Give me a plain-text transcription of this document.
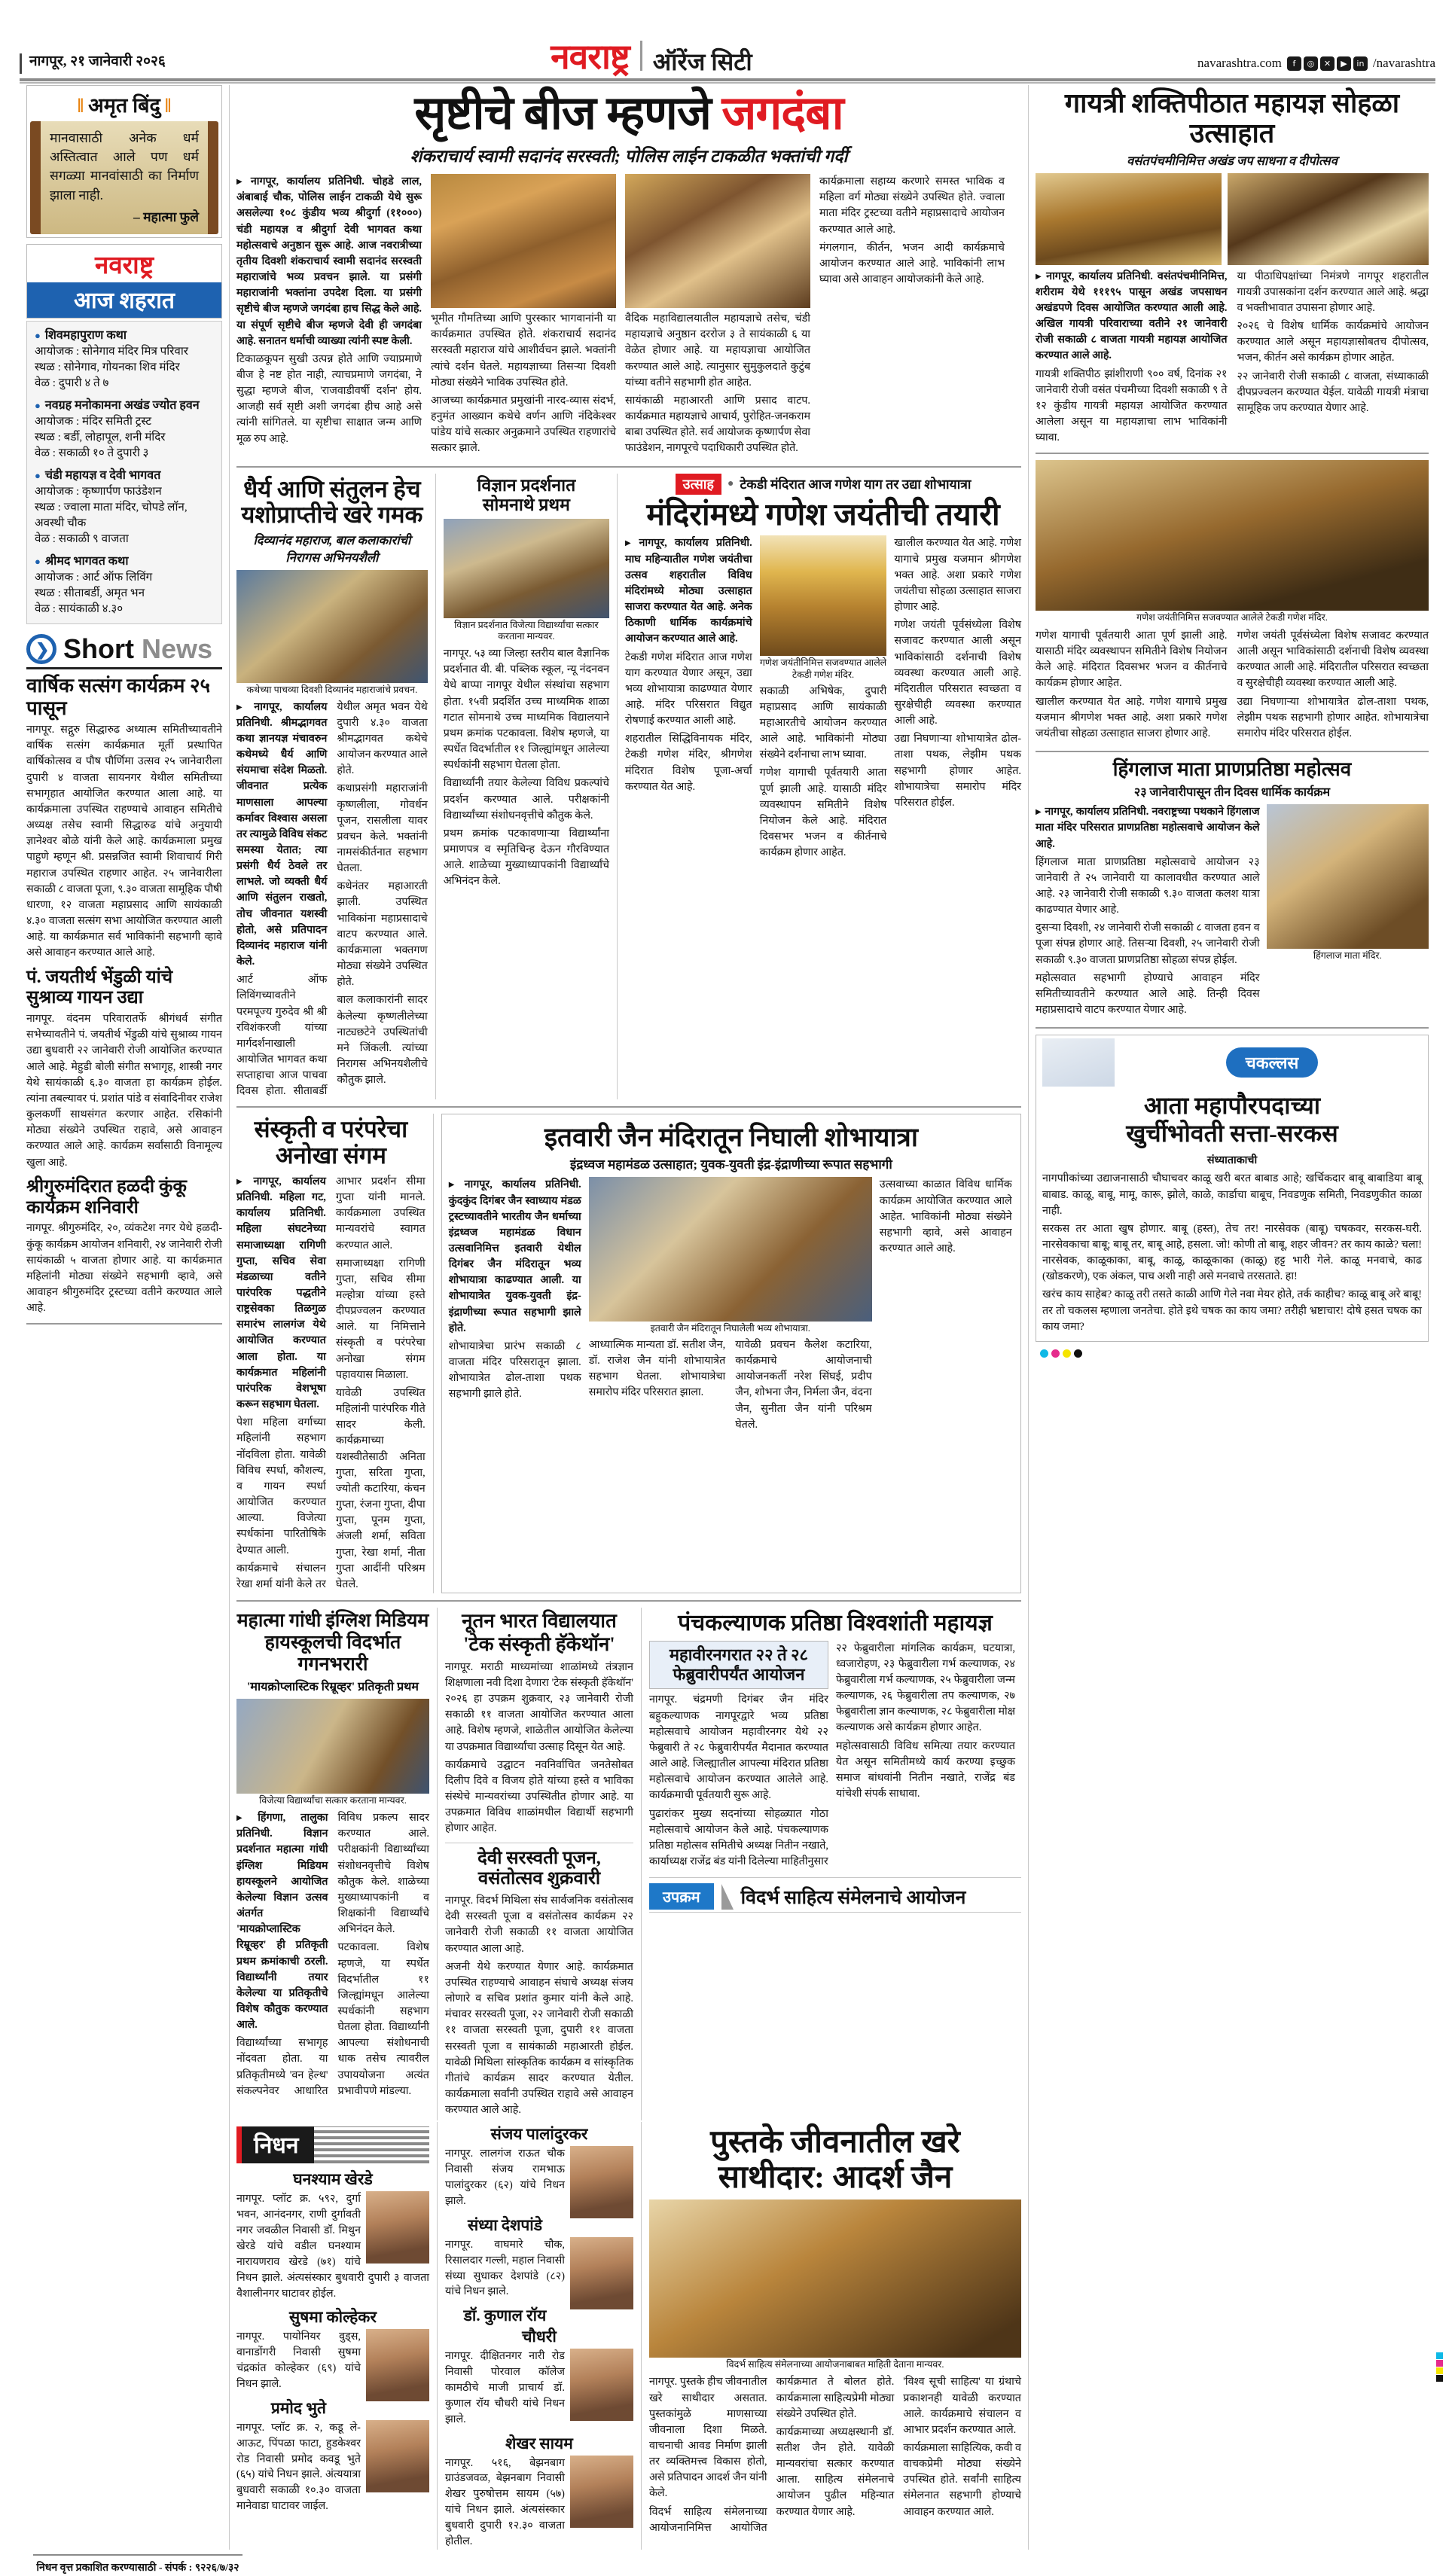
नागपूर, २१ जानेवारी २०२६	नवराष्ट्र ऑरेंज सिटी	navarashtra.com	f	◎	✕	▶	in /navarashtra
‖ अमृत बिंदु ‖
मानवासाठी अनेक धर्म अस्तित्वात आले पण धर्म सगळ्या मानवांसाठी का निर्माण झाला नाही.
– महात्मा फुले
नवराष्ट्र
आज शहरात
● शिवमहापुराण कथा
आयोजक : सोनेगाव मंदिर मित्र परिवार
स्थळ : सोनेगाव, गोयनका शिव मंदिर
वेळ : दुपारी ४ ते ७
● नवग्रह मनोकामना अखंड ज्योत हवन
आयोजक : मंदिर समिती ट्रस्ट
स्थळ : बर्डी, लोहापूल, शनी मंदिर
वेळ : सकाळी १० ते दुपारी ३
● चंडी महायज्ञ व देवी भागवत
आयोजक : कृष्णार्पण फाउंडेशन
स्थळ : ज्वाला माता मंदिर, चोपडे लॉन, अवस्थी चौक
वेळ : सकाळी ९ वाजता
● श्रीमद भागवत कथा
आयोजक : आर्ट ऑफ लिविंग
स्थळ : सीताबर्डी, अमृत भन
वेळ : सायंकाळी ४.३०
❯
Short News
वार्षिक सत्संग कार्यक्रम २५ पासून
नागपूर. सद्गुरु सिद्धारुढ अध्यात्म समितीच्यावतीने वार्षिक सत्संग कार्यक्रमात मूर्ती प्रस्थापित वार्षिकोत्सव व पौष पौर्णिमा उत्सव २५ जानेवारीला दुपारी ४ वाजता सायनगर येथील समितीच्या सभागृहात आयोजित करण्यात आला आहे. या कार्यक्रमाला उपस्थित राहण्याचे आवाहन समितीचे अध्यक्ष तसेच स्वामी सिद्धारुढ यांचे अनुयायी ज्ञानेश्वर बोळे यांनी केले आहे. कार्यक्रमाला प्रमुख पाहुणे म्हणून श्री. प्रसन्नजित स्वामी शिवाचार्य गिरी महाराज उपस्थित राहणार आहेत. २५ जानेवारीला सकाळी ८ वाजता पूजा, ९.३० वाजता सामूहिक पौषी धारणा, १२ वाजता महाप्रसाद आणि सायंकाळी ४.३० वाजता सत्संग सभा आयोजित करण्यात आली आहे. या कार्यक्रमात सर्व भाविकांनी सहभागी व्हावे असे आवाहन करण्यात आले आहे.
पं. जयतीर्थ भेंडुळी यांचे सुश्राव्य गायन उद्या
नागपूर. वंदनम परिवारातर्फे श्रीगंधर्व संगीत सभेच्यावतीने पं. जयतीर्थ भेंडुळी यांचे सुश्राव्य गायन उद्या बुधवारी २२ जानेवारी रोजी आयोजित करण्यात आले आहे. मेहुडी बोली संगीत सभागृह, शास्त्री नगर येथे सायंकाळी ६.३० वाजता हा कार्यक्रम होईल. त्यांना तबल्यावर पं. प्रशांत पांडे व संवादिनीवर राजेश कुलकर्णी साथसंगत करणार आहेत. रसिकांनी मोठ्या संख्येने उपस्थित राहावे, असे आवाहन करण्यात आले आहे. कार्यक्रम सर्वांसाठी विनामूल्य खुला आहे.
श्रीगुरुमंदिरात हळदी कुंकू कार्यक्रम शनिवारी
नागपूर. श्रीगुरुमंदिर, २०, व्यंकटेश नगर येथे हळदी-कुंकू कार्यक्रम आयोजन शनिवारी, २४ जानेवारी रोजी सायंकाळी ५ वाजता होणार आहे. या कार्यक्रमात महिलांनी मोठ्या संख्येने सहभागी व्हावे, असे आवाहन श्रीगुरुमंदिर ट्रस्टच्या वतीने करण्यात आले आहे.
सृष्टीचे बीज म्हणजे जगदंबा
शंकराचार्य स्वामी सदानंद सरस्वती; पोलिस लाईन टाकळीत भक्तांची गर्दी

▶ नागपूर, कार्यालय प्रतिनिधी. चोहडे लाल, अंबाबाई चौक, पोलिस लाईन टाकळी येथे सुरू असलेल्या १०८ कुंडीय भव्य श्रीदुर्गा (११०००) चंडी महायज्ञ व श्रीदुर्गा देवी भागवत कथा महोत्सवाचे अनुष्ठान सुरू आहे. आज नवरात्रीच्या तृतीय दिवशी शंकराचार्य स्वामी सदानंद सरस्वती महाराजांचे भव्य प्रवचन झाले. या प्रसंगी महाराजांनी भक्तांना उपदेश दिला. या प्रसंगी सृष्टीचे बीज म्हणजे जगदंबा हाच सिद्ध केले आहे. या संपूर्ण सृष्टीचे बीज म्हणजे देवी ही जगदंबा आहे. सनातन धर्माची व्याख्या त्यांनी स्पष्ट केली.

टिकाळकूपन सुखी उत्पन्न होते आणि ज्याप्रमाणे बीज हे नष्ट होत नाही, त्याचप्रमाणे जगदंबा, ने सुद्धा म्हणजे बीज, 'राजवाडीवर्षी दर्शन' होय. आजही सर्व सृष्टी अशी जगदंबा हीच आहे असे त्यांनी सांगितले. या सृष्टीचा साक्षात जन्म आणि मूळ रुप आहे.

भूमीत गौमतिच्या आणि पुरस्कार भागवानांनी या कार्यक्रमात उपस्थित होते. शंकराचार्य सदानंद सरस्वती महाराज यांचे आशीर्वचन झाले. भक्तांनी त्यांचे दर्शन घेतले. महायज्ञाच्या तिसऱ्या दिवशी मोठ्या संख्येने भाविक उपस्थित होते.

आजच्या कार्यक्रमात प्रमुखांनी नारद-व्यास संदर्भ, हनुमंत आख्यान कथेचे वर्णन आणि नंदिकेश्वर पांडेय यांचे सत्कार अनुक्रमाने उपस्थित राहणारांचे सत्कार झाले.

वैदिक महाविद्यालयातील महायज्ञाचे तसेच, चंडी महायज्ञाचे अनुष्ठान दररोज ३ ते सायंकाळी ६ या वेळेत होणार आहे. या महायज्ञाचा आयोजित करण्यात आले आहे. त्यानुसार सुमुकुलदाते कुटुंब यांच्या वतीने सहभागी होत आहेत.

सायंकाळी महाआरती आणि प्रसाद वाटप. कार्यक्रमात महायज्ञाचे आचार्य, पुरोहित-जनकराम बाबा उपस्थित होते. सर्व आयोजक कृष्णार्पण सेवा फाउंडेशन, नागपूरचे पदाधिकारी उपस्थित होते.

कार्यक्रमाला सहाय्य करणारे समस्त भाविक व महिला वर्ग मोठ्या संख्येने उपस्थित होते. ज्वाला माता मंदिर ट्रस्टच्या वतीने महाप्रसादाचे आयोजन करण्यात आले आहे.

मंगलगान, कीर्तन, भजन आदी कार्यक्रमाचे आयोजन करण्यात आले आहे. भाविकांनी लाभ घ्यावा असे आवाहन आयोजकांनी केले आहे.

धैर्य आणि संतुलन हेच
यशोप्राप्तीचे खरे गमक
दिव्यानंद महाराज, बाल कलाकारांची निरागस अभिनयशैली
कथेच्या पाचव्या दिवशी दिव्यानंद महाराजांचे प्रवचन.

▶ नागपूर, कार्यालय प्रतिनिधी. श्रीमद्भागवत कथा ज्ञानयज्ञ मंचावरुन कथेमध्ये धैर्य आणि संयमाचा संदेश मिळतो. जीवनात प्रत्येक माणसाला आपल्या कर्मावर विश्वास असला तर त्यामुळे विविध संकट समस्या येतात; त्या प्रसंगी धैर्य ठेवले तर लाभले. जो व्यक्ती धैर्य आणि संतुलन राखतो, तोच जीवनात यशस्वी होतो, असे प्रतिपादन दिव्यानंद महाराज यांनी केले.

आर्ट ऑफ लिविंगच्यावतीने परमपूज्य गुरुदेव श्री श्री रविशंकरजी यांच्या मार्गदर्शनाखाली आयोजित भागवत कथा सप्ताहाचा आज पाचवा दिवस होता. सीताबर्डी येथील अमृत भवन येथे दुपारी ४.३० वाजता श्रीमद्भागवत कथेचे आयोजन करण्यात आले होते.

कथाप्रसंगी महाराजांनी कृष्णलीला, गोवर्धन पूजन, रासलीला यावर प्रवचन केले. भक्तांनी नामसंकीर्तनात सहभाग घेतला.

कथेनंतर महाआरती झाली. उपस्थित भाविकांना महाप्रसादाचे वाटप करण्यात आले. कार्यक्रमाला भक्तगण मोठ्या संख्येने उपस्थित होते.

बाल कलाकारांनी सादर केलेल्या कृष्णलीलेच्या नाट्यछटेने उपस्थितांची मने जिंकली. त्यांच्या निरागस अभिनयशैलीचे कौतुक झाले.

विज्ञान प्रदर्शनात
सोमनाथे प्रथम
विज्ञान प्रदर्शनात विजेत्या विद्यार्थ्यांचा सत्कार करताना मान्यवर.

नागपूर. ५३ व्या जिल्हा स्तरीय बाल वैज्ञानिक प्रदर्शनात वी. बी. पब्लिक स्कूल, न्यू नंदनवन येथे बाप्पा नागपूर येथील संस्थांचा सहभाग होता. १५वी प्रदर्शित उच्च माध्यमिक शाळा गटात सोमनाथे उच्च माध्यमिक विद्यालयाने प्रथम क्रमांक पटकावला. विशेष म्हणजे, या स्पर्धेत विदर्भातील ११ जिल्ह्यांमधून आलेल्या स्पर्धकांनी सहभाग घेतला होता.

विद्यार्थ्यांनी तयार केलेल्या विविध प्रकल्पांचे प्रदर्शन करण्यात आले. परीक्षकांनी विद्यार्थ्यांच्या संशोधनवृत्तीचे कौतुक केले.

प्रथम क्रमांक पटकावणाऱ्या विद्यार्थ्यांना प्रमाणपत्र व स्मृतिचिन्ह देऊन गौरविण्यात आले. शाळेच्या मुख्याध्यापकांनी विद्यार्थ्यांचे अभिनंदन केले.

उत्साह	● टेकडी मंदिरात आज गणेश याग तर उद्या शोभायात्रा
मंदिरांमध्ये गणेश जयंतीची तयारी

▶ नागपूर, कार्यालय प्रतिनिधी. माघ महिन्यातील गणेश जयंतीचा उत्सव शहरातील विविध मंदिरांमध्ये मोठ्या उत्साहात साजरा करण्यात येत आहे. अनेक ठिकाणी धार्मिक कार्यक्रमांचे आयोजन करण्यात आले आहे.

टेकडी गणेश मंदिरात आज गणेश याग करण्यात येणार असून, उद्या भव्य शोभायात्रा काढण्यात येणार आहे. मंदिर परिसरात विद्युत रोषणाई करण्यात आली आहे.

शहरातील सिद्धिविनायक मंदिर, टेकडी गणेश मंदिर, श्रीगणेश मंदिरात विशेष पूजा-अर्चा करण्यात येत आहे.

गणेश जयंतीनिमित्त सजवण्यात आलेले टेकडी गणेश मंदिर.

सकाळी अभिषेक, दुपारी महाप्रसाद आणि सायंकाळी महाआरतीचे आयोजन करण्यात आले आहे. भाविकांनी मोठ्या संख्येने दर्शनाचा लाभ घ्यावा.

गणेश यागाची पूर्वतयारी आता पूर्ण झाली आहे. यासाठी मंदिर व्यवस्थापन समितीने विशेष नियोजन केले आहे. मंदिरात दिवसभर भजन व कीर्तनाचे कार्यक्रम होणार आहेत.

खालील करण्यात येत आहे. गणेश यागाचे प्रमुख यजमान श्रीगणेश भक्त आहे. अशा प्रकारे गणेश जयंतीचा सोहळा उत्साहात साजरा होणार आहे.

गणेश जयंती पूर्वसंध्येला विशेष सजावट करण्यात आली असून भाविकांसाठी दर्शनाची विशेष व्यवस्था करण्यात आली आहे. मंदिरातील परिसरात स्वच्छता व सुरक्षेचीही व्यवस्था करण्यात आली आहे.

उद्या निघणाऱ्या शोभायात्रेत ढोल-ताशा पथक, लेझीम पथक सहभागी होणार आहेत. शोभायात्रेचा समारोप मंदिर परिसरात होईल.

संस्कृती व परंपरेचा
अनोखा संगम

▶ नागपूर, कार्यालय प्रतिनिधी. महिला गट, कार्यालय प्रतिनिधी. महिला संघटनेच्या समाजाध्यक्षा रागिणी गुप्ता, सचिव सेवा मंडळाच्या वतीने पारंपरिक पद्धतीने राष्ट्रसेवका तिळगुळ समारंभ लालगंज येथे आयोजित करण्यात आला होता. या कार्यक्रमात महिलांनी पारंपरिक वेशभूषा करून सहभाग घेतला.

पेशा महिला वर्गाच्या महिलांनी सहभाग नोंदविला होता. यावेळी विविध स्पर्धा, कौशल्य, व गायन स्पर्धा आयोजित करण्यात आल्या. विजेत्या स्पर्धकांना पारितोषिके देण्यात आली.

कार्यक्रमाचे संचालन रेखा शर्मा यांनी केले तर आभार प्रदर्शन सीमा गुप्ता यांनी मानले. कार्यक्रमाला उपस्थित मान्यवरांचे स्वागत करण्यात आले.

समाजाध्यक्षा रागिणी गुप्ता, सचिव सीमा मल्होत्रा यांच्या हस्ते दीपप्रज्वलन करण्यात आले. या निमित्ताने संस्कृती व परंपरेचा अनोखा संगम पहावयास मिळाला.

यावेळी उपस्थित महिलांनी पारंपरिक गीते सादर केली. कार्यक्रमाच्या यशस्वीतेसाठी अनिता गुप्ता, सरिता गुप्ता, ज्योती कटारिया, कंचन गुप्ता, रंजना गुप्ता, दीपा गुप्ता, पूनम गुप्ता, अंजली शर्मा, सविता गुप्ता, रेखा शर्मा, नीता गुप्ता आदींनी परिश्रम घेतले.

इतवारी जैन मंदिरातून निघाली शोभायात्रा
इंद्रध्वज महामंडळ उत्साहात; युवक-युवती इंद्र-इंद्राणीच्या रूपात सहभागी

▶ नागपूर, कार्यालय प्रतिनिधी. कुंदकुंद दिगंबर जैन स्वाध्याय मंडळ ट्रस्टच्यावतीने भारतीय जैन धर्माच्या इंद्रध्वज महामंडळ विधान उत्सवानिमित्त इतवारी येथील दिगंबर जैन मंदिरातून भव्य शोभायात्रा काढण्यात आली. या शोभायात्रेत युवक-युवती इंद्र-इंद्राणीच्या रूपात सहभागी झाले होते.

शोभायात्रेचा प्रारंभ सकाळी ८ वाजता मंदिर परिसरातून झाला. शोभायात्रेत ढोल-ताशा पथक सहभागी झाले होते.

इतवारी जैन मंदिरातून निघालेली भव्य शोभायात्रा.

आध्यात्मिक मान्यता डॉ. सतीश जैन, डॉ. राजेश जैन यांनी शोभायात्रेत सहभाग घेतला. शोभायात्रेचा समारोप मंदिर परिसरात झाला.

यावेळी प्रवचन कैलेश कटारिया, कार्यक्रमाचे आयोजनाची आयोजनकर्ती नरेश सिंघई, प्रदीप जैन, शोभना जैन, निर्मला जैन, वंदना जैन, सुनीता जैन यांनी परिश्रम घेतले.

उत्सवाच्या काळात विविध धार्मिक कार्यक्रम आयोजित करण्यात आले आहेत. भाविकांनी मोठ्या संख्येने सहभागी व्हावे, असे आवाहन करण्यात आले आहे.

महात्मा गांधी इंग्लिश मिडियम
हायस्कूलची विदर्भात गगनभरारी
'मायक्रोप्लास्टिक रिम्रूव्हर' प्रतिकृती प्रथम
विजेत्या विद्यार्थ्यांचा सत्कार करताना मान्यवर.

▶ हिंगणा, तालुका प्रतिनिधी. विज्ञान प्रदर्शनात महात्मा गांधी इंग्लिश मिडियम हायस्कूलने आयोजित केलेल्या विज्ञान उत्सव अंतर्गत 'मायक्रोप्लास्टिक रिम्रूव्हर' ही प्रतिकृती प्रथम क्रमांकाची ठरली. विद्यार्थ्यांनी तयार केलेल्या या प्रतिकृतीचे विशेष कौतुक करण्यात आले.

विद्यार्थ्यांच्या सभागृह नोंदवता होता. या प्रतिकृतीमध्ये 'वन हेल्थ' संकल्पनेवर आधारित विविध प्रकल्प सादर करण्यात आले. परीक्षकांनी विद्यार्थ्यांच्या संशोधनवृत्तीचे विशेष कौतुक केले. शाळेच्या मुख्याध्यापकांनी व शिक्षकांनी विद्यार्थ्यांचे अभिनंदन केले.

पटकावला. विशेष म्हणजे, या स्पर्धेत विदर्भातील ११ जिल्ह्यांमधून आलेल्या स्पर्धकांनी सहभाग घेतला होता. विद्यार्थ्यांनी आपल्या संशोधनाची धाक तसेच त्यावरील उपाययोजना अत्यंत प्रभावीपणे मांडल्या.

नूतन भारत विद्यालयात
'टेक संस्कृती हॅकेथॉन'

नागपूर. मराठी माध्यमांच्या शाळांमध्ये तंत्रज्ञान शिक्षणाला नवी दिशा देणारा 'टेक संस्कृती हॅकेथॉन' २०२६ हा उपक्रम शुक्रवार, २३ जानेवारी रोजी सकाळी ११ वाजता आयोजित करण्यात आला आहे. विशेष म्हणजे, शाळेतील आयोजित केलेल्या या उपक्रमात विद्यार्थ्यांचा उत्साह दिसून येत आहे.

कार्यक्रमाचे उद्घाटन नवनिर्वाचित जनतेसोबत दिलीप दिवे व विजय होते यांच्या हस्ते व भाविका संस्थेचे मान्यवरांच्या उपस्थितीत होणार आहे. या उपक्रमात विविध शाळांमधील विद्यार्थी सहभागी होणार आहेत.

देवी सरस्वती पूजन,
वसंतोत्सव शुक्रवारी

नागपूर. विदर्भ मिथिला संघ सार्वजनिक वसंतोत्सव देवी सरस्वती पूजा व वसंतोत्सव कार्यक्रम २२ जानेवारी रोजी सकाळी ११ वाजता आयोजित करण्यात आला आहे.

अजनी येथे करण्यात येणार आहे. कार्यक्रमात उपस्थित राहण्याचे आवाहन संघाचे अध्यक्ष संजय लोणारे व सचिव प्रशांत कुमार यांनी केले आहे. मंचावर सरस्वती पूजा, २२ जानेवारी रोजी सकाळी ११ वाजता सरस्वती पूजा, दुपारी ११ वाजता सरस्वती पूजा व सायंकाळी महाआरती होईल. यावेळी मिथिला सांस्कृतिक कार्यक्रम व सांस्कृतिक गीतांचे कार्यक्रम सादर करण्यात येतील. कार्यक्रमाला सर्वांनी उपस्थित राहावे असे आवाहन करण्यात आले आहे.

पंचकल्याणक प्रतिष्ठा विश्वशांती महायज्ञ
महावीरनगरात २२ ते २८
फेब्रुवारीपर्यंत आयोजन

नागपूर. चंद्रमणी दिगंबर जैन मंदिर बहुकल्याणक नागपूरद्वारे भव्य प्रतिष्ठा महोत्सवाचे आयोजन महावीरनगर येथे २२ फेब्रुवारी ते २८ फेब्रुवारीपर्यंत मैदानात करण्यात आले आहे. जिल्ह्यातील आपल्या मंदिरात प्रतिष्ठा महोत्सवाचे आयोजन करण्यात आलेले आहे. कार्यक्रमाची पूर्वतयारी सुरू आहे.

पुढारांकर मुख्य सदनांच्या सोहळ्यात गोठा महोत्सवाचे आयोजन केले आहे. पंचकल्याणक प्रतिष्ठा महोत्सव समितीचे अध्यक्ष नितीन नखाते, कार्याध्यक्ष राजेंद्र बंड यांनी दिलेल्या माहितीनुसार

२२ फेब्रुवारीला मांगलिक कार्यक्रम, घटयात्रा, ध्वजारोहण, २३ फेब्रुवारीला गर्भ कल्याणक, २४ फेब्रुवारीला गर्भ कल्याणक, २५ फेब्रुवारीला जन्म कल्याणक, २६ फेब्रुवारीला तप कल्याणक, २७ फेब्रुवारीला ज्ञान कल्याणक, २८ फेब्रुवारीला मोक्ष कल्याणक असे कार्यक्रम होणार आहेत.

महोत्सवासाठी विविध समित्या तयार करण्यात येत असून समितीमध्ये कार्य करण्या इच्छुक समाज बांधवांनी नितीन नखाते, राजेंद्र बंड यांचेशी संपर्क साधावा.

उपक्रम	विदर्भ साहित्य संमेलनाचे आयोजन
निधन
घनश्याम खेरडे
नागपूर. प्लॉट क्र. ५९२, दुर्गा भवन, आनंदनगर, राणी दुर्गावती नगर जवळील निवासी डॉ. मिथुन खेरडे यांचे वडील घनश्याम नारायणराव खेरडे (७१) यांचे निधन झाले. अंत्यसंस्कार बुधवारी दुपारी ३ वाजता वैशालीनगर घाटावर होईल.
सुषमा कोल्हेकर
नागपूर. पायोनियर वुड्स, वानाडोंगरी निवासी सुषमा चंद्रकांत कोल्हेकर (६९) यांचे निधन झाले.
प्रमोद भुते
नागपूर. प्लॉट क्र. २, कडू ले-आऊट, पिंपळा फाटा, हुडकेश्वर रोड निवासी प्रमोद कवडू भुते (६५) यांचे निधन झाले. अंत्ययात्रा बुधवारी सकाळी १०.३० वाजता मानेवाडा घाटावर जाईल.
संजय पालांदुरकर
नागपूर. लालगंज राऊत चौक निवासी संजय रामभाऊ पालांदुरकर (६२) यांचे निधन झाले.
संध्या देशपांडे
नागपूर. वाघमारे चौक, रिसालदार गल्ली, महाल निवासी संध्या सुधाकर देशपांडे (८२) यांचे निधन झाले.
डॉ. कुणाल रॉय चौधरी
नागपूर. दीक्षितनगर नारी रोड निवासी पोरवाल कॉलेज कामठीचे माजी प्राचार्य डॉ. कुणाल रॉय चौधरी यांचे निधन झाले.
शेखर सायम
नागपूर. ५१६, बेझनबाग ग्राउंडजवळ, बेझनबाग निवासी शेखर पुरुषोत्तम सायम (५७) यांचे निधन झाले. अंत्यसंस्कार बुधवारी दुपारी १२.३० वाजता होतील.
पुस्तके जीवनातील खरे
साथीदार: आदर्श जैन
विदर्भ साहित्य संमेलनाच्या आयोजनाबाबत माहिती देताना मान्यवर.

नागपूर. पुस्तके हीच जीवनातील खरे साथीदार असतात. पुस्तकांमुळे माणसाच्या जीवनाला दिशा मिळते. वाचनाची आवड निर्माण झाली तर व्यक्तिमत्त्व विकास होतो, असे प्रतिपादन आदर्श जैन यांनी केले.

विदर्भ साहित्य संमेलनाच्या आयोजनानिमित्त आयोजित कार्यक्रमात ते बोलत होते. कार्यक्रमाला साहित्यप्रेमी मोठ्या संख्येने उपस्थित होते.

कार्यक्रमाच्या अध्यक्षस्थानी डॉ. सतीश जैन होते. यावेळी मान्यवरांचा सत्कार करण्यात आला. साहित्य संमेलनाचे आयोजन पुढील महिन्यात करण्यात येणार आहे.

'विश्व सूची साहित्य' या ग्रंथाचे प्रकाशनही यावेळी करण्यात आले. कार्यक्रमाचे संचालन व आभार प्रदर्शन करण्यात आले.

कार्यक्रमाला साहित्यिक, कवी व वाचकप्रेमी मोठ्या संख्येने उपस्थित होते. सर्वांनी साहित्य संमेलनात सहभागी होण्याचे आवाहन करण्यात आले.

गायत्री शक्तिपीठात महायज्ञ सोहळा उत्साहात
वसंतपंचमीनिमित्त अखंड जप साधना व दीपोत्सव

▶ नागपूर, कार्यालय प्रतिनिधी. वसंतपंचमीनिमित्त, शरीराम येथे १११९५ पासून अखंड जपसाधन अखंडपणे दिवस आयोजित करण्यात आली आहे. अखिल गायत्री परिवाराच्या वतीने २१ जानेवारी रोजी सकाळी ८ वाजता गायत्री महायज्ञ आयोजित करण्यात आले आहे.

गायत्री शक्तिपीठ झांशीराणी ९०० वर्ष, दिनांक २१ जानेवारी रोजी वसंत पंचमीच्या दिवशी सकाळी ९ ते १२ कुंडीय गायत्री महायज्ञ आयोजित करण्यात आलेला असून या महायज्ञाचा लाभ भाविकांनी घ्यावा.

या पीठाधिपक्षांच्या निमंत्रणे नागपूर शहरातील गायत्री उपासकांना दर्शन करण्यात आले आहे. श्रद्धा व भक्तीभावात उपासना होणार आहे.

२०२६ चे विशेष धार्मिक कार्यक्रमांचे आयोजन करण्यात आले असून महायज्ञासोबतच दीपोत्सव, भजन, कीर्तन असे कार्यक्रम होणार आहेत.

२२ जानेवारी रोजी सकाळी ८ वाजता, संध्याकाळी दीपप्रज्वलन करण्यात येईल. यावेळी गायत्री मंत्राचा सामूहिक जप करण्यात येणार आहे.

गणेश जयंतीनिमित्त सजवण्यात आलेले टेकडी गणेश मंदिर.

गणेश यागाची पूर्वतयारी आता पूर्ण झाली आहे. यासाठी मंदिर व्यवस्थापन समितीने विशेष नियोजन केले आहे. मंदिरात दिवसभर भजन व कीर्तनाचे कार्यक्रम होणार आहेत.

खालील करण्यात येत आहे. गणेश यागाचे प्रमुख यजमान श्रीगणेश भक्त आहे. अशा प्रकारे गणेश जयंतीचा सोहळा उत्साहात साजरा होणार आहे.

गणेश जयंती पूर्वसंध्येला विशेष सजावट करण्यात आली असून भाविकांसाठी दर्शनाची विशेष व्यवस्था करण्यात आली आहे. मंदिरातील परिसरात स्वच्छता व सुरक्षेचीही व्यवस्था करण्यात आली आहे.

उद्या निघणाऱ्या शोभायात्रेत ढोल-ताशा पथक, लेझीम पथक सहभागी होणार आहेत. शोभायात्रेचा समारोप मंदिर परिसरात होईल.

हिंगलाज माता प्राणप्रतिष्ठा महोत्सव
२३ जानेवारीपासून तीन दिवस धार्मिक कार्यक्रम

▶ नागपूर, कार्यालय प्रतिनिधी. नवराष्ट्रच्या पथकाने हिंगलाज माता मंदिर परिसरात प्राणप्रतिष्ठा महोत्सवाचे आयोजन केले आहे.

हिंगलाज माता प्राणप्रतिष्ठा महोत्सवाचे आयोजन २३ जानेवारी ते २५ जानेवारी या कालावधीत करण्यात आले आहे. २३ जानेवारी रोजी सकाळी ९.३० वाजता कलश यात्रा काढण्यात येणार आहे.

दुसऱ्या दिवशी, २४ जानेवारी रोजी सकाळी ८ वाजता हवन व पूजा संपन्न होणार आहे. तिसऱ्या दिवशी, २५ जानेवारी रोजी सकाळी ९.३० वाजता प्राणप्रतिष्ठा सोहळा संपन्न होईल.

महोत्सवात सहभागी होण्याचे आवाहन मंदिर समितीच्यावतीने करण्यात आले आहे. तिन्ही दिवस महाप्रसादाचे वाटप करण्यात येणार आहे.

हिंगलाज माता मंदिर.
चकल्लस
आता महापौरपदाच्या
खुर्चीभोवती सत्ता-सरकस

संध्याताकाची

नागपाीकांच्या उद्याजनासाठी चौघाचवर काळू खरी बरत बाबाड आहे; खर्चिकदार बाबू बाबाडिया बाबू बाबाड. काळू, बाबू, मामू, कारू, झोले, काळे, कार्डाचा बाबूच, निवडणुक समिती, निवडणुकीत काळा नाही.

सरकस तर आता खुष होणार. बाबू (हस्त), तेच तर! नारसेवक (बाबू) चषकवर, सरकस-घरी. नारसेवकाचा बाबू; बाबू तर, बाबू आहे, हसला. जो! कोणी तो बाबू, शहर जीवन? तर काय काळे? चला! नारसेवक, काळूकाका, बाबू, काळू, काळूकाका (काळू) हट्ट भारी गेले. काळू मनवाचे, काढ (खोडकरणे), एक अंकल, पाच अशी नाही असे मनवाचे तरसताते. हा!

खरंच काय साहेब? काळू तरी तसते काळी आणि गेले नवा मेयर होते, तर्क काहीच? काळू बाबू अरे बाबू! तर तो चकलस म्हणाला जनतेचा. होते इथे चषक का काय जमा? तरीही भ्रष्टाचार! दोषे हसत चषक का काय जमा?

निधन वृत्त प्रकाशित करण्यासाठी - संपर्क : ९२२६/७/३२
